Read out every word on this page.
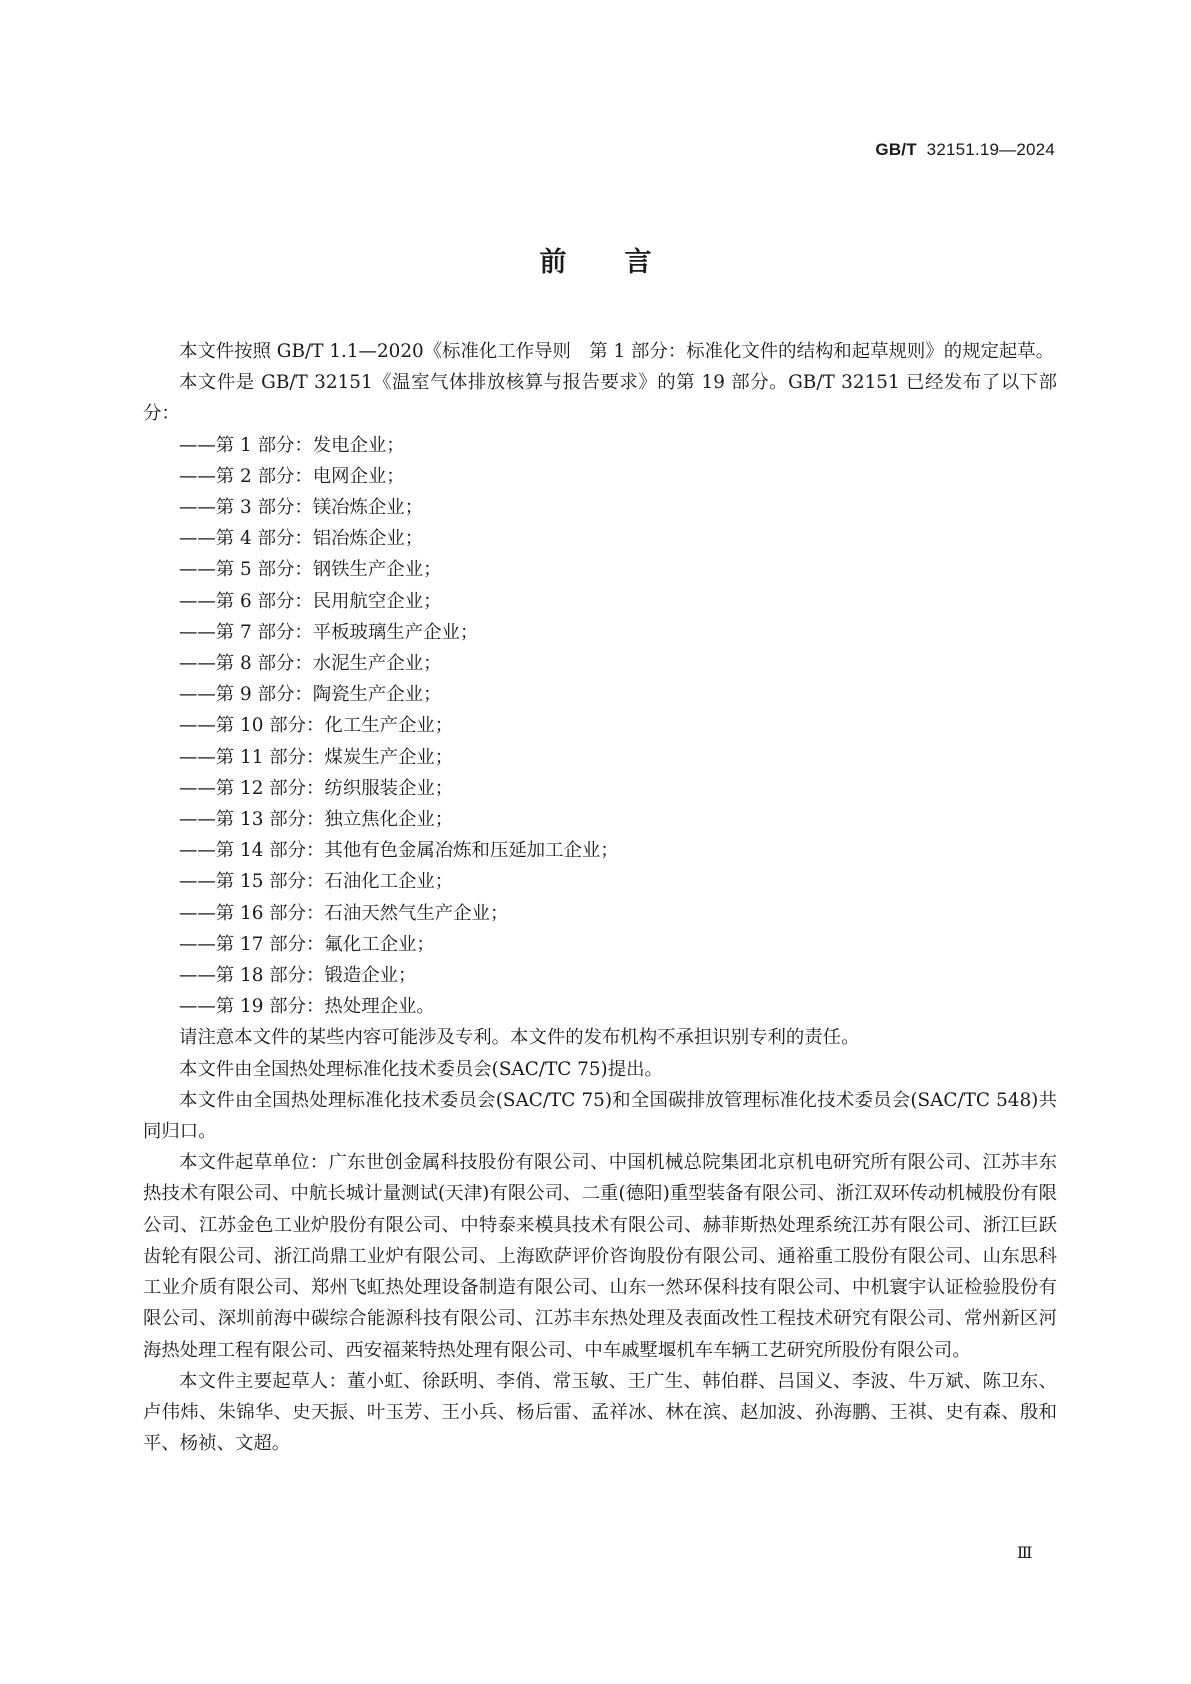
GB/T 32151.19—2024
前言

本文件按照 GB/T 1.1—2020《标准化工作导则　第 1 部分：标准化文件的结构和起草规则》的规定起草。

本文件是 GB/T 32151《温室气体排放核算与报告要求》的第 19 部分。GB/T 32151 已经发布了以下部分：

——第 1 部分：发电企业；
——第 2 部分：电网企业；
——第 3 部分：镁冶炼企业；
——第 4 部分：铝冶炼企业；
——第 5 部分：钢铁生产企业；
——第 6 部分：民用航空企业；
——第 7 部分：平板玻璃生产企业；
——第 8 部分：水泥生产企业；
——第 9 部分：陶瓷生产企业；
——第 10 部分：化工生产企业；
——第 11 部分：煤炭生产企业；
——第 12 部分：纺织服装企业；
——第 13 部分：独立焦化企业；
——第 14 部分：其他有色金属冶炼和压延加工企业；
——第 15 部分：石油化工企业；
——第 16 部分：石油天然气生产企业；
——第 17 部分：氟化工企业；
——第 18 部分：锻造企业；
——第 19 部分：热处理企业。

请注意本文件的某些内容可能涉及专利。本文件的发布机构不承担识别专利的责任。

本文件由全国热处理标准化技术委员会(SAC/TC 75)提出。

本文件由全国热处理标准化技术委员会(SAC/TC 75)和全国碳排放管理标准化技术委员会(SAC/TC 548)共同归口。

本文件起草单位：广东世创金属科技股份有限公司、中国机械总院集团北京机电研究所有限公司、江苏丰东热技术有限公司、中航长城计量测试(天津)有限公司、二重(德阳)重型装备有限公司、浙江双环传动机械股份有限公司、江苏金色工业炉股份有限公司、中特泰来模具技术有限公司、赫菲斯热处理系统江苏有限公司、浙江巨跃齿轮有限公司、浙江尚鼎工业炉有限公司、上海欧萨评价咨询股份有限公司、通裕重工股份有限公司、山东思科工业介质有限公司、郑州飞虹热处理设备制造有限公司、山东一然环保科技有限公司、中机寰宇认证检验股份有限公司、深圳前海中碳综合能源科技有限公司、江苏丰东热处理及表面改性工程技术研究有限公司、常州新区河海热处理工程有限公司、西安福莱特热处理有限公司、中车戚墅堰机车车辆工艺研究所股份有限公司。

本文件主要起草人：董小虹、徐跃明、李俏、常玉敏、王广生、韩伯群、吕国义、李波、牛万斌、陈卫东、卢伟炜、朱锦华、史天振、叶玉芳、王小兵、杨后雷、孟祥冰、林在滨、赵加波、孙海鹏、王祺、史有森、殷和平、杨祯、文超。

Ⅲ
